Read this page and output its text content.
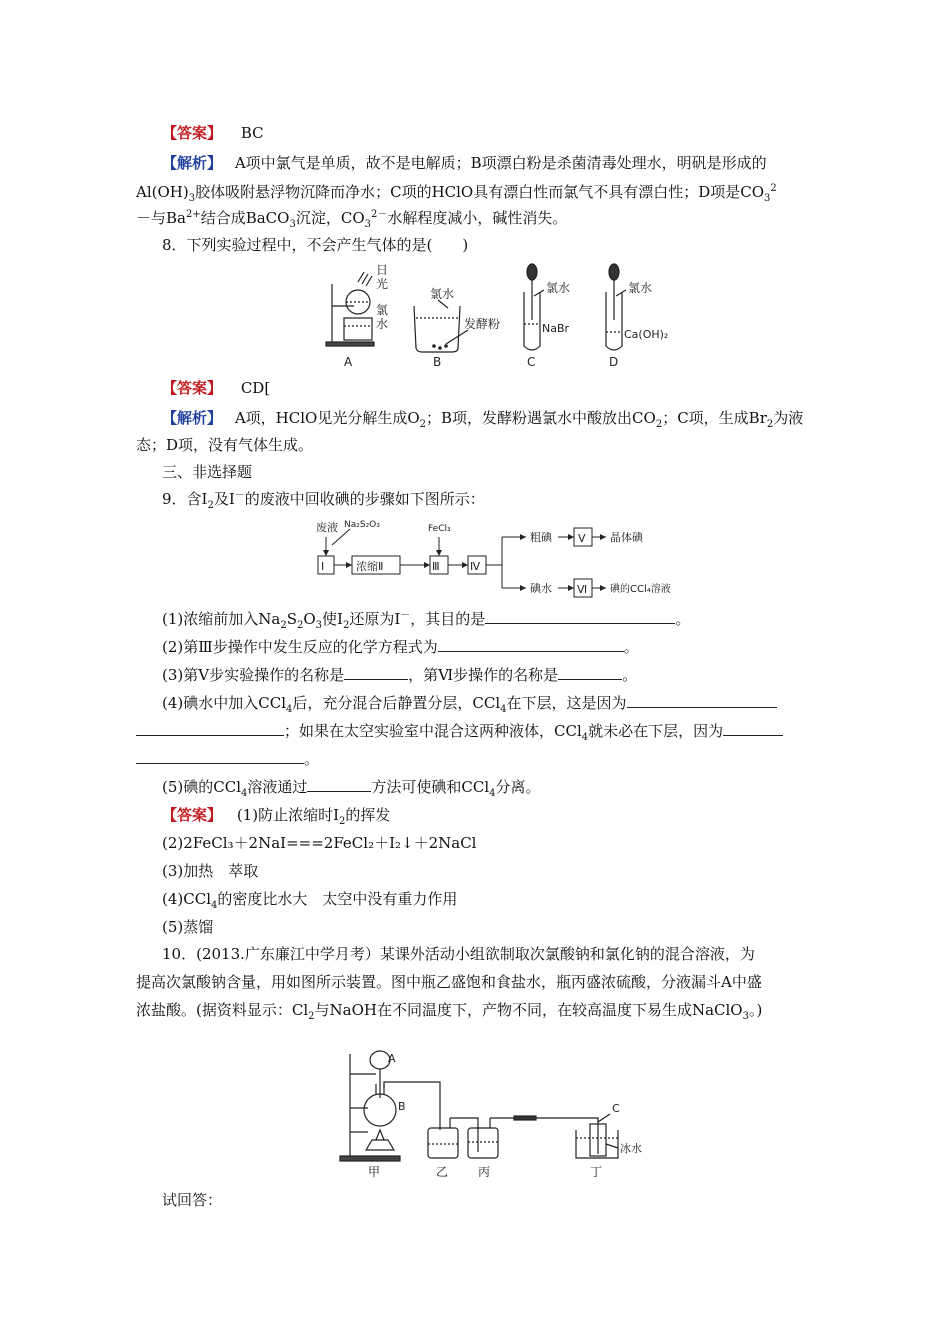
【答案】 BC
【解析】 A项中氯气是单质，故不是电解质；B项漂白粉是杀菌清毒处理水，明矾是形成的
$Al(OH)_3$胶体吸附悬浮物沉降而净水；C项的HClO具有漂白性而氯气不具有漂白性；D项是$CO_3^2$
－与$Ba^{2+}$结合成BaCO$_3$沉淀，$CO_3^{2-}$水解程度减小，碱性消失。
8．下列实验过程中，不会产生气体的是(　　)
日
光
氯
水
A
氯水
发酵粉
B
氯水
NaBr
C
氯水
Ca(OH)₂
D
【答案】 CD[
【解析】 A项，HClO见光分解生成$O_2$；B项，发酵粉遇氯水中酸放出$CO_2$；C项，生成$Br_2$为液
态；D项，没有气体生成。
三、非选择题
9．含$I_2$及I－的废液中回收碘的步骤如下图所示：
废液 Na₂S₂O₃	FeCl₃
Ⅰ	浓缩Ⅱ	Ⅲ	Ⅳ
粗碘 Ⅴ 晶体碘
碘水 Ⅵ 碘的CCl₄溶液
(1)浓缩前加入$Na_2S_2O_3$使$I_2$还原为I－，其目的是	。
(2)第Ⅲ步操作中发生反应的化学方程式为	。
(3)第Ⅴ步实验操作的名称是	，第Ⅵ步操作的名称是	。
(4)碘水中加入CCl$_4$后，充分混合后静置分层，CCl$_4$在下层，这是因为
；如果在太空实验室中混合这两种液体，CCl$_4$就未必在下层，因为
。
(5)碘的CCl$_4$溶液通过	方法可使碘和CCl$_4$分离。
【答案】 (1)防止浓缩时$I_2$的挥发
(2)2FeCl₃＋2NaI===2FeCl₂＋I₂↓＋2NaCl
(3)加热　萃取
(4)CCl$_4$的密度比水大　太空中没有重力作用
(5)蒸馏
10．(2013.广东廉江中学月考）某课外活动小组欲制取次氯酸钠和氯化钠的混合溶液，为
提高次氯酸钠含量，用如图所示装置。图中瓶乙盛饱和食盐水，瓶丙盛浓硫酸，分液漏斗A中盛
浓盐酸。(据资料显示：$Cl_2$与NaOH在不同温度下，产物不同，在较高温度下易生成NaClO$_3$。)
A
B	C
冰水
甲	乙 丙	丁
试回答：
